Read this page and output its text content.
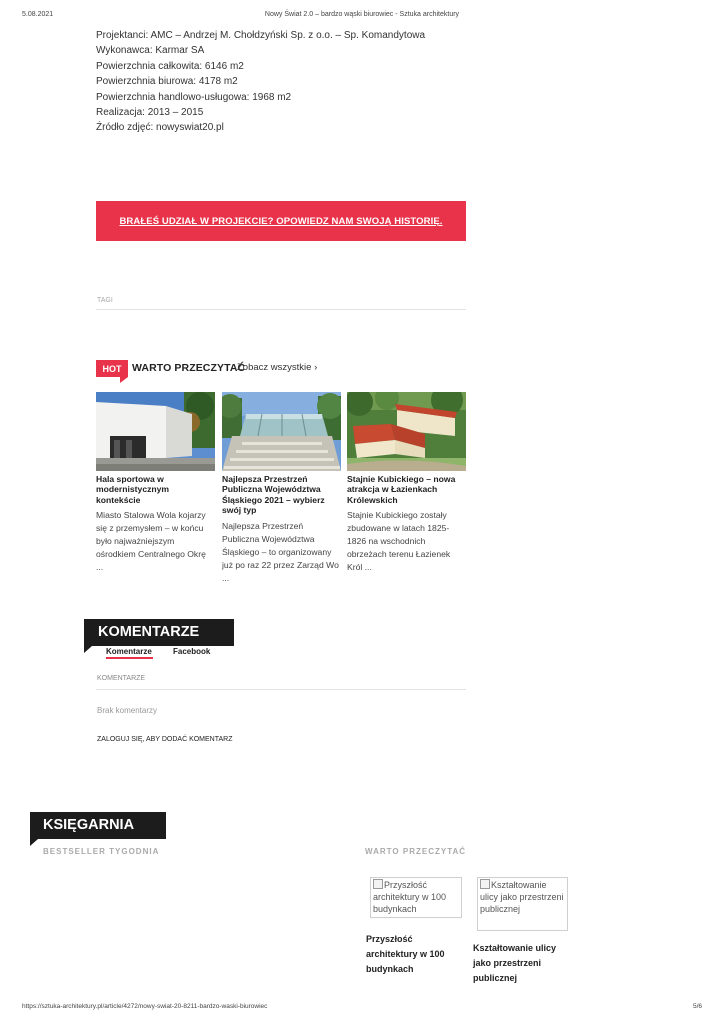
5.08.2021	Nowy Świat 2.0 – bardzo wąski biurowiec - Sztuka architektury
Projektanci: AMC – Andrzej M. Chołdzyński Sp. z o.o. – Sp. Komandytowa
Wykonawca: Karmar SA
Powierzchnia całkowita: 6146 m2
Powierzchnia biurowa: 4178 m2
Powierzchnia handlowo-usługowa: 1968 m2
Realizacja: 2013 – 2015
Źródło zdjęć: nowyswiat20.pl
BRAŁEŚ UDZIAŁ W PROJEKCIE? OPOWIEDZ NAM SWOJĄ HISTORIĘ.
TAGI
HOT	WARTO PRZECZYTAĆ
Zobacz wszystkie ›
Hala sportowa w modernistycznym kontekście
Miasto Stalowa Wola kojarzy się z przemysłem – w końcu było najważniejszym ośrodkiem Centralnego Okrę ...
Najlepsza Przestrzeń Publiczna Województwa Śląskiego 2021 – wybierz swój typ
Najlepsza Przestrzeń Publiczna Województwa Śląskiego – to organizowany już po raz 22 przez Zarząd Wo ...
Stajnie Kubickiego – nowa atrakcja w Łazienkach Królewskich
Stajnie Kubickiego zostały zbudowane w latach 1825-1826 na wschodnich obrzeżach terenu Łazienek Król ...
KOMENTARZE
Komentarze	Facebook
KOMENTARZE
Brak komentarzy
ZALOGUJ SIĘ, ABY DODAĆ KOMENTARZ
KSIĘGARNIA
BESTSELLER TYGODNIA	WARTO PRZECZYTAĆ
Przyszłość architektury w 100 budynkach
Przyszłość architektury w 100 budynkach
Kształtowanie ulicy jako przestrzeni publicznej
Kształtowanie ulicy jako przestrzeni publicznej
https://sztuka-architektury.pl/article/4272/nowy-swiat-20-8211-bardzo-waski-biurowiec	5/6
